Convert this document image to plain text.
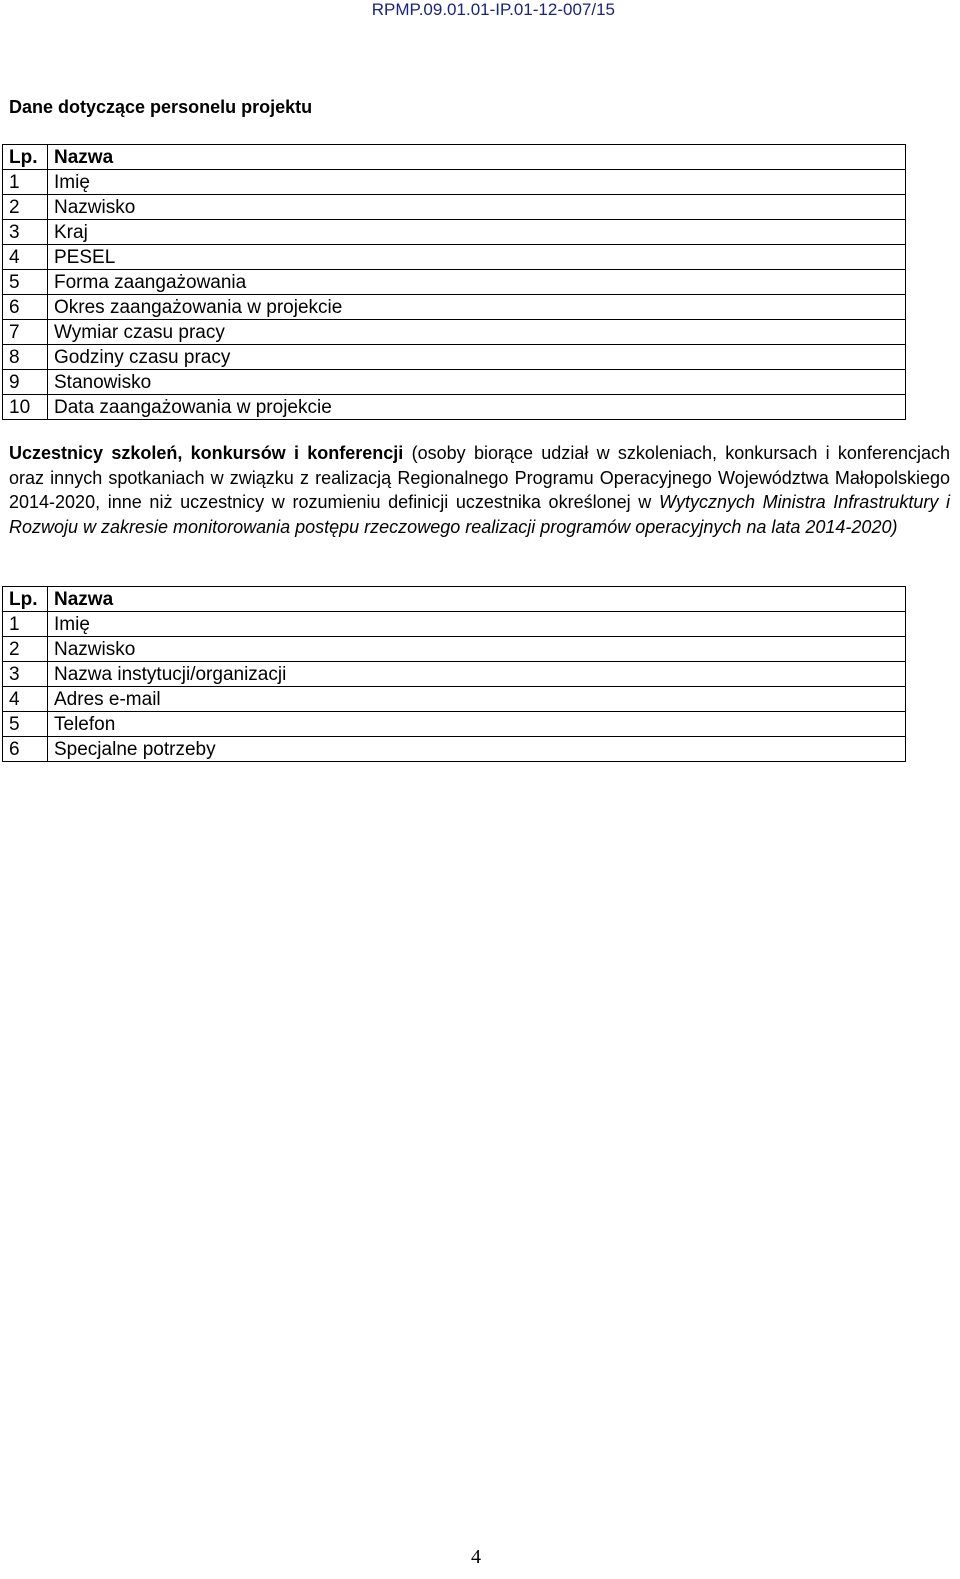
RPMP.09.01.01-IP.01-12-007/15
Dane dotyczące personelu projektu
Lp.	Nazwa
1	Imię
2	Nazwisko
3	Kraj
4	PESEL
5	Forma zaangażowania
6	Okres zaangażowania w projekcie
7	Wymiar czasu pracy
8	Godziny czasu pracy
9	Stanowisko
10	Data zaangażowania w projekcie
Uczestnicy szkoleń, konkursów i konferencji (osoby biorące udział w szkoleniach, konkursach i konferencjach oraz innych spotkaniach w związku z realizacją Regionalnego Programu Operacyjnego Województwa Małopolskiego 2014-2020, inne niż uczestnicy w rozumieniu definicji uczestnika określonej w Wytycznych Ministra Infrastruktury i Rozwoju w zakresie monitorowania postępu rzeczowego realizacji programów operacyjnych na lata 2014-2020)
Lp.	Nazwa
1	Imię
2	Nazwisko
3	Nazwa instytucji/organizacji
4	Adres e-mail
5	Telefon
6	Specjalne potrzeby
4
